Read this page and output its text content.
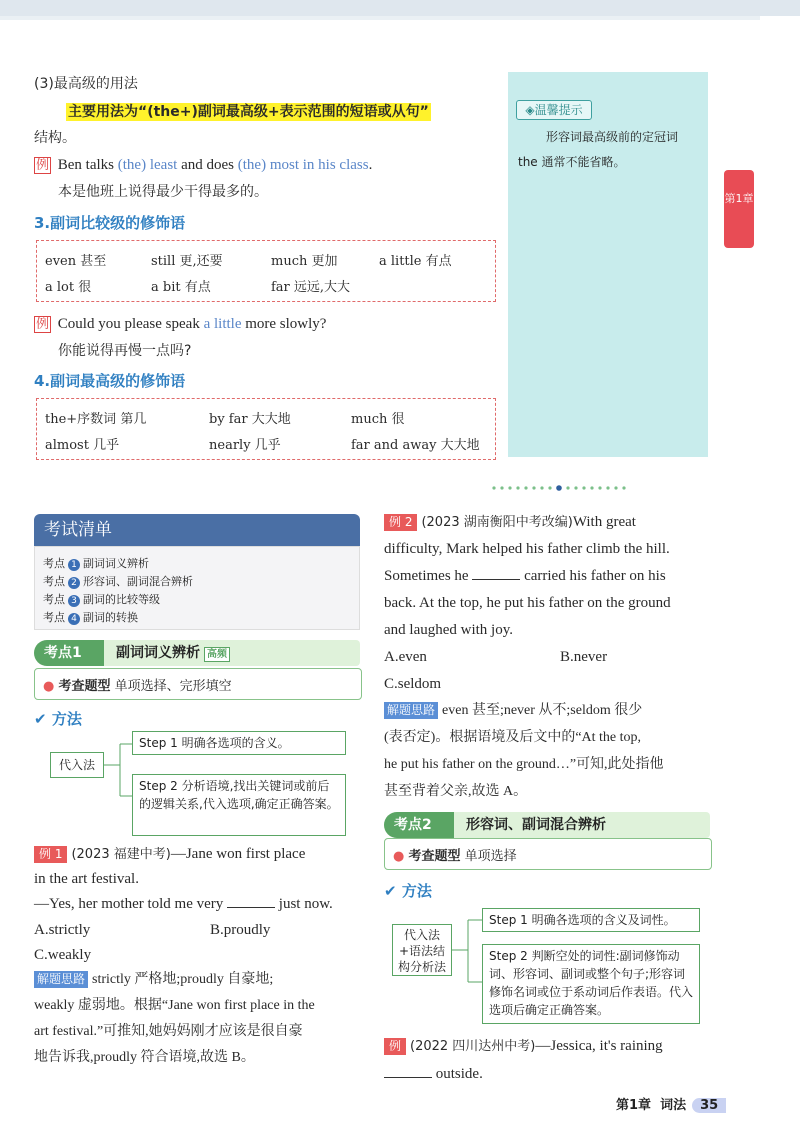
(3)最高级的用法
主要用法为“(the+)副词最高级+表示范围的短语或从句”
结构。
例 Ben talks (the) least and does (the) most in his class.
本是他班上说得最少干得最多的。
◈温馨提示
形容词最高级前的定冠词
the 通常不能省略。
第1章
3.副词比较级的修饰语
even 甚至	still 更,还要	much 更加	a little 有点
a lot 很	a bit 有点	far 远远,大大
例 Could you please speak a little more slowly?
你能说得再慢一点吗?
4.副词最高级的修饰语
the+序数词 第几	by far 大大地	much 很
almost 几乎	nearly 几乎	far and away 大大地
考试清单
考点 1 副词词义辨析
考点 2 形容词、副词混合辨析
考点 3 副词的比较等级
考点 4 副词的转换
考点1	副词词义辨析 高频
● 考查题型 单项选择、完形填空
✔ 方法
代入法
Step 1 明确各选项的含义。
Step 2 分析语境,找出关键词或前后的逻辑关系,代入选项,确定正确答案。
例 1 (2023 福建中考)—Jane won first place
in the art festival.
—Yes, her mother told me very	just now.
A.strictly	B.proudly
C.weakly
解题思路 strictly 严格地;proudly 自豪地;
weakly 虚弱地。根据“Jane won first place in the
art festival.”可推知,她妈妈刚才应该是很自豪
地告诉我,proudly 符合语境,故选 B。
例 2 (2023 湖南衡阳中考改编)With great
difficulty, Mark helped his father climb the hill.
Sometimes he	carried his father on his
back. At the top, he put his father on the ground
and laughed with joy.
A.even	B.never
C.seldom
解题思路 even 甚至;never 从不;seldom 很少
(表否定)。根据语境及后文中的“At the top,
he put his father on the ground…”可知,此处指他
甚至背着父亲,故选 A。
考点2	形容词、副词混合辨析
● 考查题型 单项选择
✔ 方法
代入法+语法结构分析法
Step 1 明确各选项的含义及词性。
Step 2 判断空处的词性:副词修饰动词、形容词、副词或整个句子;形容词修饰名词或位于系动词后作表语。代入选项后确定正确答案。
例 (2022 四川达州中考)—Jessica, it's raining
outside.
第1章 词法 35
